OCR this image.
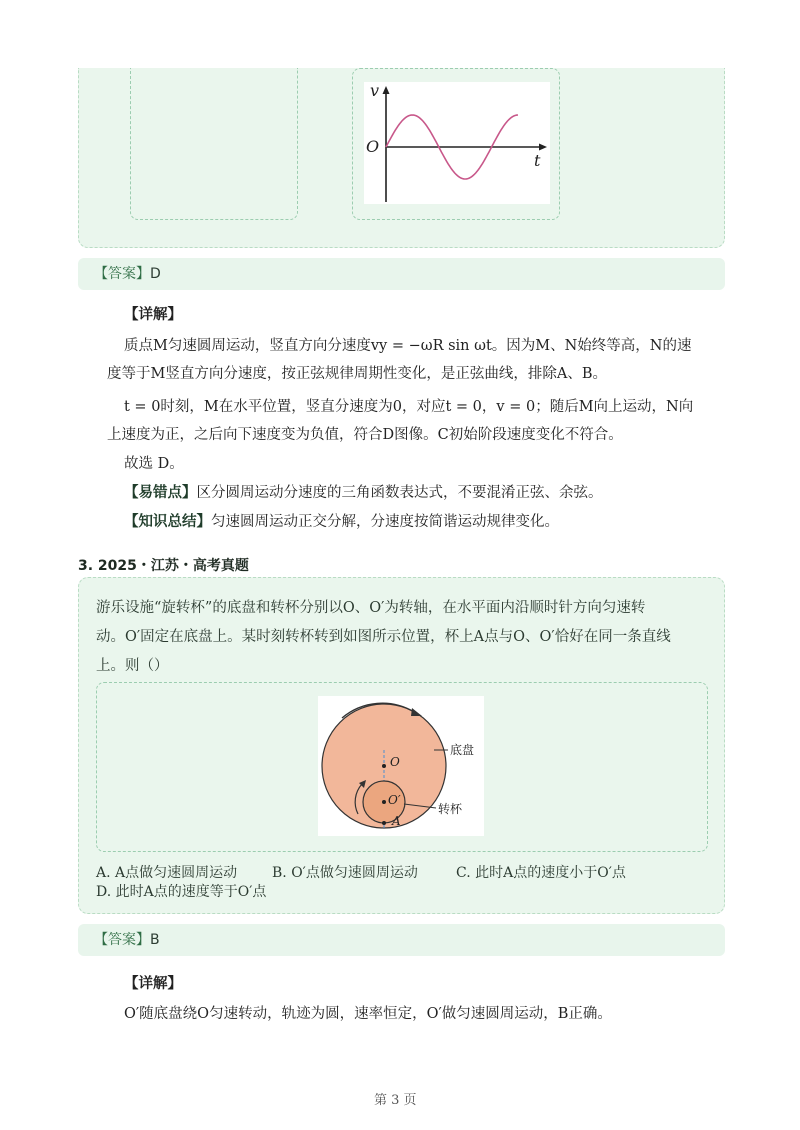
v
O
t
【答案】D
【详解】
质点M匀速圆周运动，竖直方向分速度vy = −ωR sin ωt。因为M、N始终等高，N的速
度等于M竖直方向分速度，按正弦规律周期性变化，是正弦曲线，排除A、B。
t = 0时刻，M在水平位置，竖直分速度为0，对应t = 0，v = 0；随后M向上运动，N向
上速度为正，之后向下速度变为负值，符合D图像。C初始阶段速度变化不符合。
故选 D。
【易错点】区分圆周运动分速度的三角函数表达式，不要混淆正弦、余弦。
【知识总结】匀速圆周运动正交分解，分速度按简谐运动规律变化。
3. 2025・江苏・高考真题
游乐设施“旋转杯”的底盘和转杯分别以O、O′为转轴，在水平面内沿顺时针方向匀速转
动。O′固定在底盘上。某时刻转杯转到如图所示位置，杯上A点与O、O′恰好在同一条直线
上。则（）
O
O′
A
底盘
转杯
A. A点做匀速圆周运动 B. O′点做匀速圆周运动	C. 此时A点的速度小于O′点
D. 此时A点的速度等于O′点
【答案】B
【详解】
O′随底盘绕O匀速转动，轨迹为圆，速率恒定，O′做匀速圆周运动，B正确。
第 3 页
